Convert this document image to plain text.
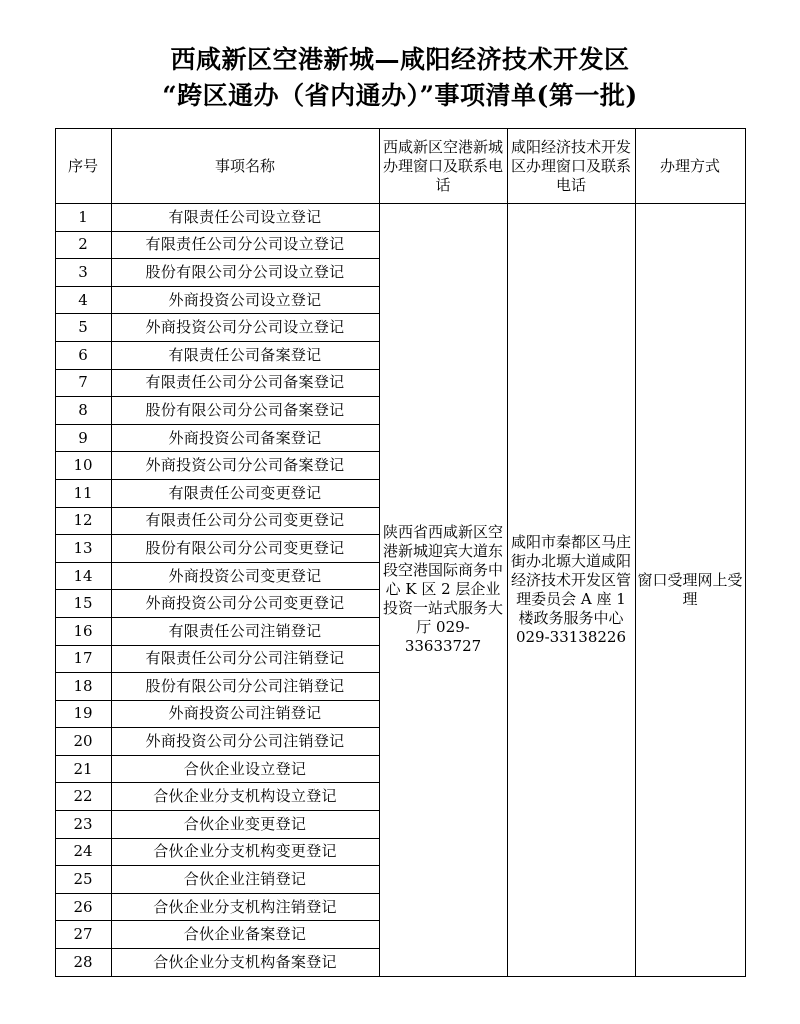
西咸新区空港新城—咸阳经济技术开发区
“跨区通办（省内通办）”事项清单(第一批)
序号	事项名称	西咸新区空港新城办理窗口及联系电话	咸阳经济技术开发区办理窗口及联系电话	办理方式
1	有限责任公司设立登记	陕西省西咸新区空港新城迎宾大道东段空港国际商务中心 K 区 2 层企业投资一站式服务大厅 029-33633727	咸阳市秦都区马庄街办北塬大道咸阳经济技术开发区管理委员会 A 座 1 楼政务服务中心 029-33138226	窗口受理网上受理

2	有限责任公司分公司设立登记			
3	股份有限公司分公司设立登记			
4	外商投资公司设立登记			
5	外商投资公司分公司设立登记			
6	有限责任公司备案登记			
7	有限责任公司分公司备案登记			
8	股份有限公司分公司备案登记			
9	外商投资公司备案登记			
10	外商投资公司分公司备案登记			
11	有限责任公司变更登记			
12	有限责任公司分公司变更登记			
13	股份有限公司分公司变更登记			
14	外商投资公司变更登记			
15	外商投资公司分公司变更登记			
16	有限责任公司注销登记			
17	有限责任公司分公司注销登记			
18	股份有限公司分公司注销登记			
19	外商投资公司注销登记			
20	外商投资公司分公司注销登记			
21	合伙企业设立登记			
22	合伙企业分支机构设立登记			
23	合伙企业变更登记			
24	合伙企业分支机构变更登记			
25	合伙企业注销登记			
26	合伙企业分支机构注销登记			
27	合伙企业备案登记			
28	合伙企业分支机构备案登记			
